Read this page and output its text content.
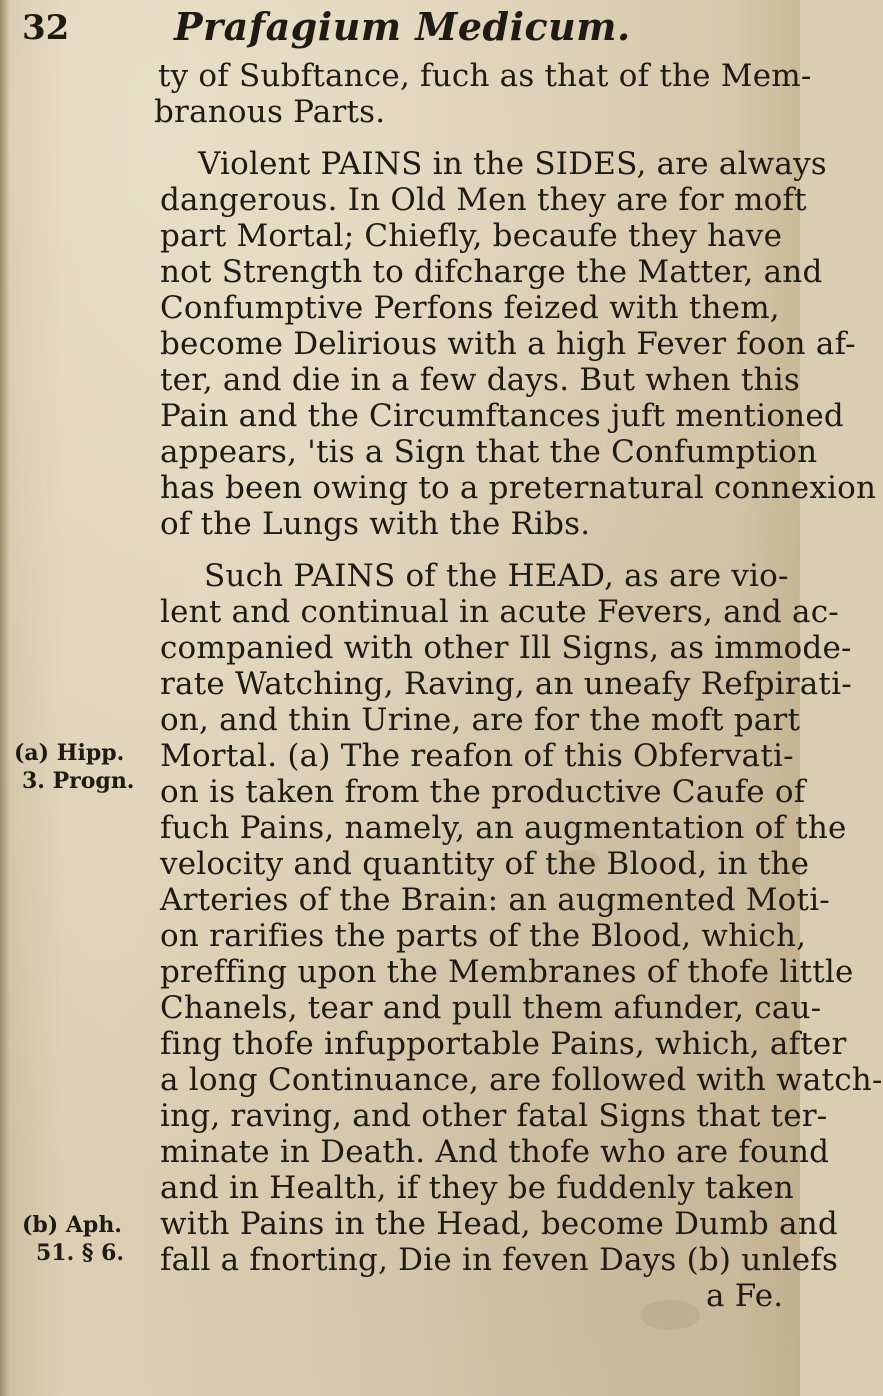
32	Prafagium Medicum.
ty of Subftance, fuch as that of the Mem-
branous Parts.
Violent PAINS in the SIDES, are always
dangerous. In Old Men they are for moft
part Mortal; Chiefly, becaufe they have
not Strength to difcharge the Matter, and
Confumptive Perfons feized with them,
become Delirious with a high Fever foon af-
ter, and die in a few days. But when this
Pain and the Circumftances juft mentioned
appears, 'tis a Sign that the Confumption
has been owing to a preternatural connexion
of the Lungs with the Ribs.
Such PAINS of the HEAD, as are vio-
lent and continual in acute Fevers, and ac-
companied with other Ill Signs, as immode-
rate Watching, Raving, an uneafy Refpirati-
on, and thin Urine, are for the moft part
Mortal. (a) The reafon of this Obfervati-
on is taken from the productive Caufe of
fuch Pains, namely, an augmentation of the
velocity and quantity of the Blood, in the
Arteries of the Brain: an augmented Moti-
on rarifies the parts of the Blood, which,
preffing upon the Membranes of thofe little
Chanels, tear and pull them afunder, cau-
fing thofe infupportable Pains, which, after
a long Continuance, are followed with watch-
ing, raving, and other fatal Signs that ter-
minate in Death. And thofe who are found
and in Health, if they be fuddenly taken
with Pains in the Head, become Dumb and
fall a fnorting, Die in feven Days (b) unlefs
a Fe.
(a) Hipp.
3. Progn.
(b) Aph.
51. § 6.
